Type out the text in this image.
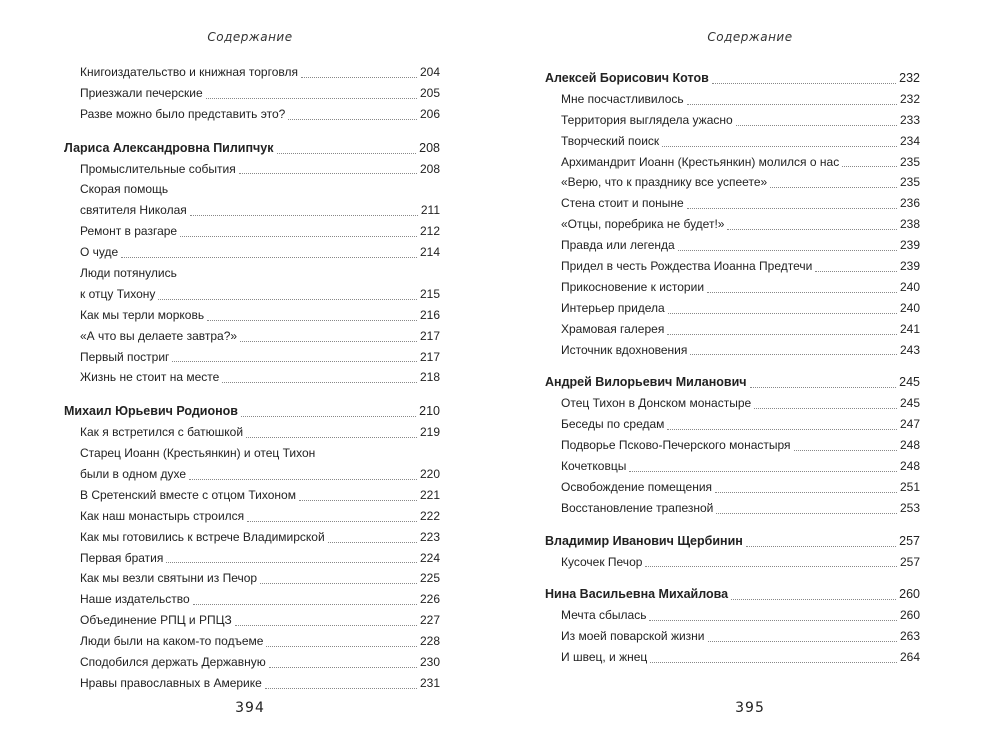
Содержание
Книгоиздательство и книжная торговля	204
Приезжали печерские	205
Разве можно было представить это?	206
Лариса Александровна Пилипчук	208
Промыслительные события	208
Скорая помощь
святителя Николая	211
Ремонт в разгаре	212
О чуде	214
Люди потянулись
к отцу Тихону	215
Как мы терли морковь	216
«А что вы делаете завтра?»	217
Первый постриг	217
Жизнь не стоит на месте	218
Михаил Юрьевич Родионов	210
Как я встретился с батюшкой	219
Старец Иоанн (Крестьянкин) и отец Тихон
были в одном духе	220
В Сретенский вместе с отцом Тихоном	221
Как наш монастырь строился	222
Как мы готовились к встрече Владимирской	223
Первая братия	224
Как мы везли святыни из Печор	225
Наше издательство	226
Объединение РПЦ и РПЦЗ	227
Люди были на каком-то подъеме	228
Сподобился держать Державную	230
Нравы православных в Америке	231
394
Содержание
Алексей Борисович Котов	232
Мне посчастливилось	232
Территория выглядела ужасно	233
Творческий поиск	234
Архимандрит Иоанн (Крестьянкин) молился о нас	235
«Верю, что к празднику все успеете»	235
Стена стоит и поныне	236
«Отцы, поребрика не будет!»	238
Правда или легенда	239
Придел в честь Рождества Иоанна Предтечи	239
Прикосновение к истории	240
Интерьер придела	240
Храмовая галерея	241
Источник вдохновения	243
Андрей Вилорьевич Миланович	245
Отец Тихон в Донском монастыре	245
Беседы по средам	247
Подворье Псково-Печерского монастыря	248
Кочетковцы	248
Освобождение помещения	251
Восстановление трапезной	253
Владимир Иванович Щербинин	257
Кусочек Печор	257
Нина Васильевна Михайлова	260
Мечта сбылась	260
Из моей поварской жизни	263
И швец, и жнец	264
395
